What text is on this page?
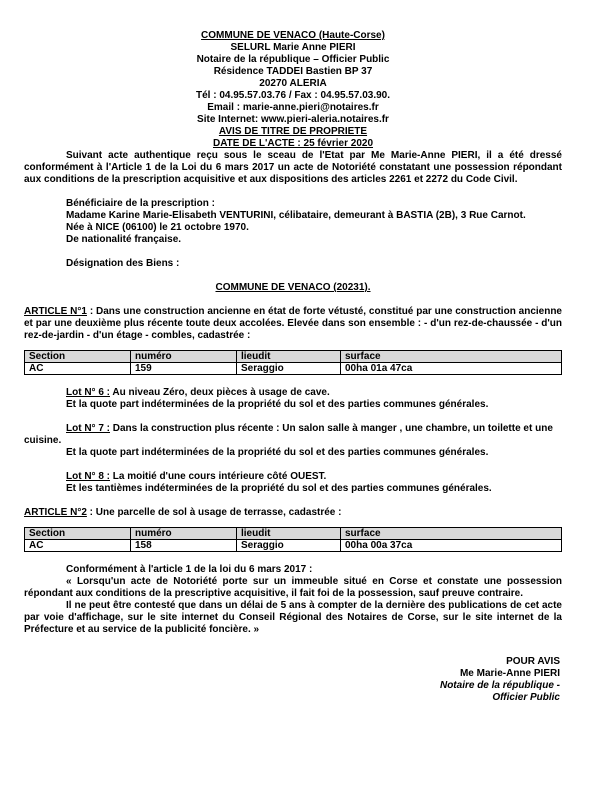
COMMUNE DE VENACO (Haute-Corse)
SELURL Marie Anne PIERI
Notaire de la république – Officier Public
Résidence TADDEI Bastien BP 37
20270 ALERIA
Tél : 04.95.57.03.76 / Fax : 04.95.57.03.90.
Email : marie-anne.pieri@notaires.fr
Site Internet: www.pieri-aleria.notaires.fr
AVIS DE TITRE DE PROPRIETE
DATE DE L'ACTE : 25 février 2020
Suivant acte authentique reçu sous le sceau de l'Etat par Me Marie-Anne PIERI, il a été dressé conformément à l'Article 1 de la Loi du 6 mars 2017 un acte de Notoriété constatant une possession répondant aux conditions de la prescription acquisitive et aux dispositions des articles 2261 et 2272 du Code Civil.
Bénéficiaire de la prescription :
Madame Karine Marie-Elisabeth VENTURINI, célibataire, demeurant à BASTIA (2B), 3 Rue Carnot.
Née à NICE (06100) le 21 octobre 1970.
De nationalité française.
Désignation des Biens :
COMMUNE DE VENACO (20231).
ARTICLE N°1 : Dans une construction ancienne en état de forte vétusté, constitué par une construction ancienne et par une deuxième plus récente toute deux accolées. Elevée dans son ensemble : - d'un rez-de-chaussée - d'un rez-de-jardin - d'un étage - combles, cadastrée :
Section	numéro	lieudit	surface
AC	159	Seraggio	00ha 01a 47ca
Lot N° 6 : Au niveau Zéro, deux pièces à usage de cave.
Et la quote part indéterminées de la propriété du sol et des parties communes générales.
Lot N° 7 : Dans la construction plus récente : Un salon salle à manger , une chambre, un toilette et une cuisine.
Et la quote part indéterminées de la propriété du sol et des parties communes générales.
Lot N° 8 : La moitié d'une cours intérieure côté OUEST.
Et les tantièmes indéterminées de la propriété du sol et des parties communes générales.
ARTICLE N°2 : Une parcelle de sol à usage de terrasse, cadastrée :
Section	numéro	lieudit	surface
AC	158	Seraggio	00ha 00a 37ca
Conformément à l'article 1 de la loi du 6 mars 2017 :
« Lorsqu'un acte de Notoriété porte sur un immeuble situé en Corse et constate une possession répondant aux conditions de la prescriptive acquisitive, il fait foi de la possession, sauf preuve contraire.
Il ne peut être contesté que dans un délai de 5 ans à compter de la dernière des publications de cet acte par voie d'affichage, sur le site internet du Conseil Régional des Notaires de Corse, sur le site internet de la Préfecture et au service de la publicité foncière. »
POUR AVIS
Me Marie-Anne PIERI
Notaire de la république -
Officier Public
